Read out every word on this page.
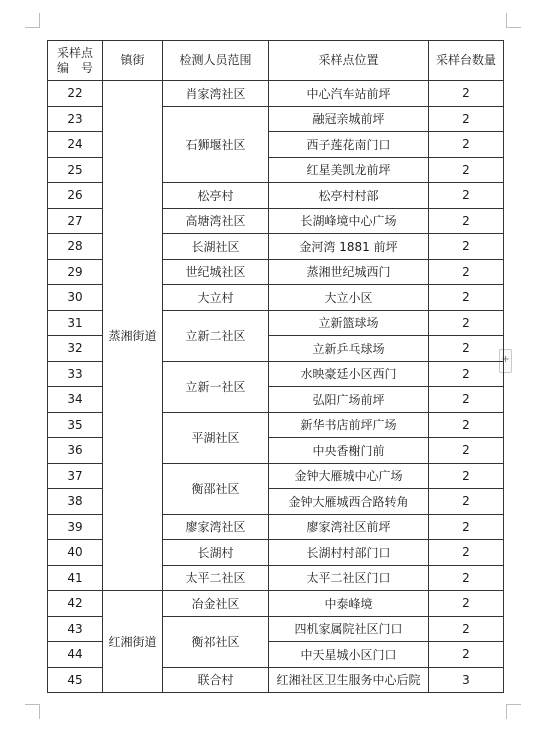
+
采样点
编　号	镇街	检测人员范围	采样点位置	采样台数量
22	蒸湘街道	肖家湾社区	中心汽车站前坪	2
23		石狮堰社区	融冠亲城前坪	2
24			西子莲花南门口	2
25			红星美凯龙前坪	2
26		松亭村	松亭村村部	2
27		高塘湾社区	长湖峰境中心广场	2
28		长湖社区	金河湾 1881 前坪	2
29		世纪城社区	蒸湘世纪城西门	2
30		大立村	大立小区	2
31		立新二社区	立新篮球场	2
32			立新乒乓球场	2
33		立新一社区	水映豪廷小区西门	2
34			弘阳广场前坪	2
35		平湖社区	新华书店前坪广场	2
36			中央香榭门前	2
37		衡邵社区	金钟大雁城中心广场	2
38			金钟大雁城西合路转角	2
39		廖家湾社区	廖家湾社区前坪	2
40		长湖村	长湖村村部门口	2
41		太平二社区	太平二社区门口	2
42	红湘街道	冶金社区	中泰峰境	2
43		衡祁社区	四机家属院社区门口	2
44			中天星城小区门口	2
45		联合村	红湘社区卫生服务中心后院	3
